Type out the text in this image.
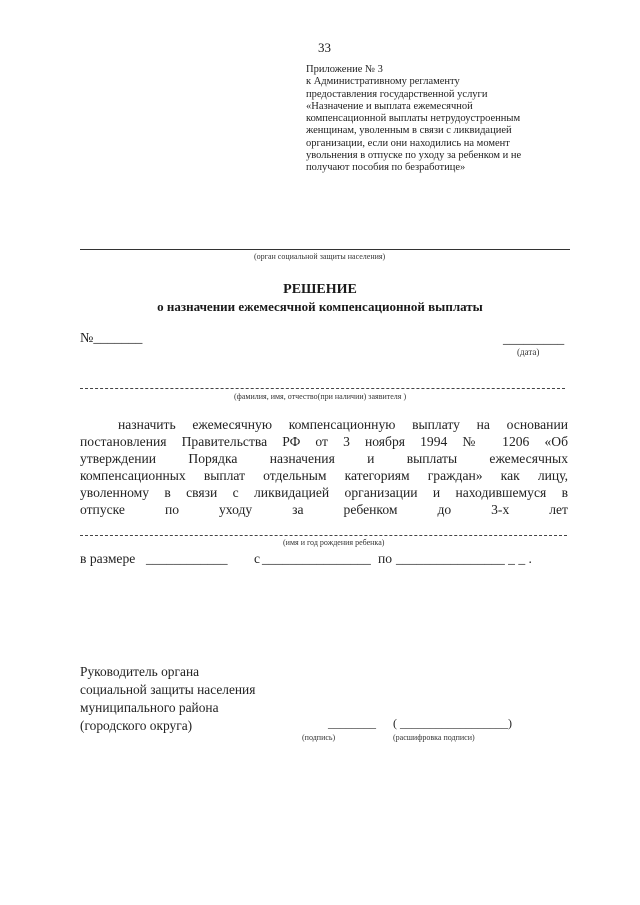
33
Приложение № 3
к Административному регламенту
предоставления государственной услуги
«Назначение и выплата ежемесячной
компенсационной выплаты нетрудоустроенным
женщинам, уволенным в связи с ликвидацией
организации, если они находились на момент
увольнения в отпуске по уходу за ребенком и не
получают пособия по безработице»
(орган социальной защиты населения)
РЕШЕНИЕ
о назначении ежемесячной компенсационной выплаты
№_______	_________
(дата)
(фамилия, имя, отчество(при наличии) заявителя )
назначить ежемесячную компенсационную выплату на основании
постановления Правительства РФ от 3 ноября 1994 № 1206 «Об
утверждении Порядка назначения и выплаты ежемесячных
компенсационных выплат отдельным категориям граждан» как лицу,
уволенному в связи с ликвидацией организации и находившемуся в
отпуске по уходу за ребенком до 3-х лет
(имя и год рождения ребенка)
в размере ____________ с ________________ по ________________ _ _ .
Руководитель органа
социальной защиты населения
муниципального района
(городского округа)	________ ( __________________ )
(подпись)	(расшифровка подписи)
